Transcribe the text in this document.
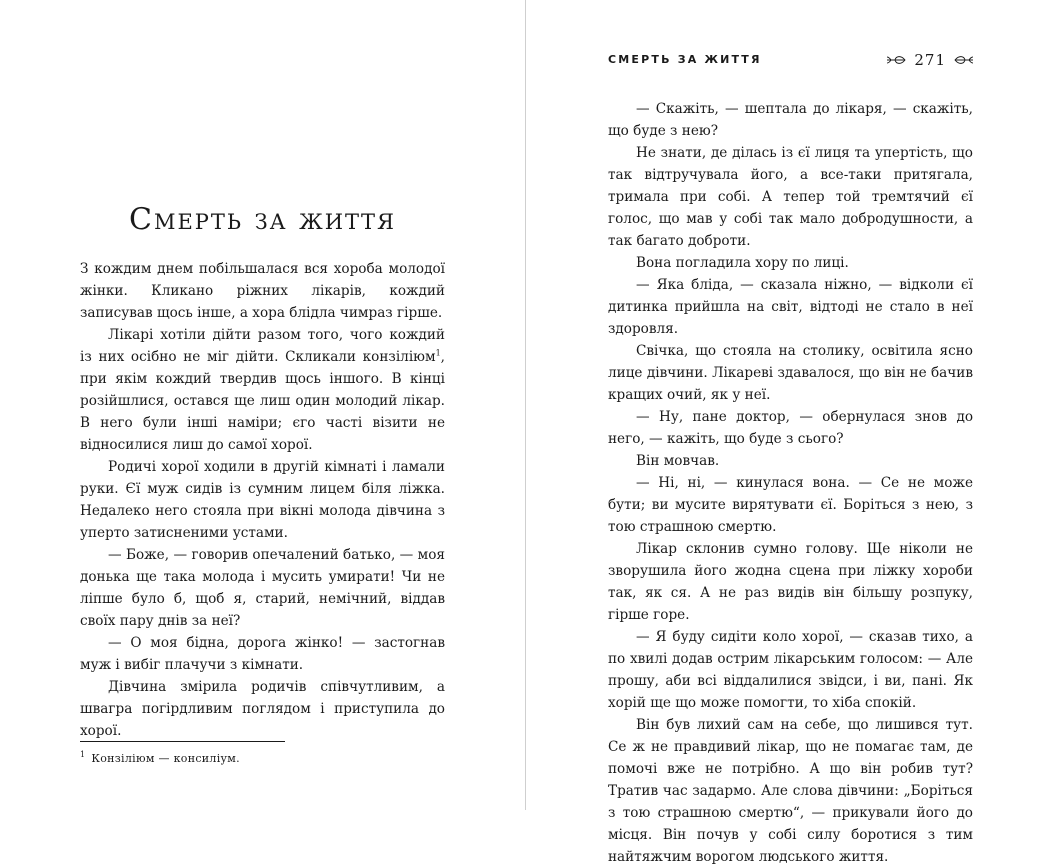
Смерть за життя

З кождим днем побільшалася вся хороба молодої жінки. Кликано ріжних лікарів, кождий записував щось інше, а хора блідла чимраз гірше.

Лікарі хотіли дійти разом того, чого кождий із них осібно не міг дійти. Скликали конзіліюм$^1$, при якім кождий твердив щось іншого. В кінці розійшлися, остався ще лиш один молодий лікар. В него були інші наміри; єго часті візити не відносилися лиш до самої хорої.

Родичі хорої ходили в другій кімнаті і ламали руки. Єї муж сидів із сумним лицем біля ліжка. Недалеко него стояла при вікні молода дівчина з уперто затисненими устами.

— Боже, — говорив опечалений батько, — моя донька ще така молода і мусить умирати! Чи не ліпше було б, щоб я, старий, немічний, віддав своїх пару днів за неї?

— О моя бідна, дорога жінко! — застогнав муж і вибіг плачучи з кімнати.

Дівчина змірила родичів співчутливим, а швагра погірдливим поглядом і приступила до хорої.

$^1$ Конзіліюм — консиліум.
СМЕРТЬ ЗА ЖИТТЯ	271

— Скажіть, — шептала до лікаря, — скажіть, що буде з нею?

Не знати, де ділась із єї лиця та упертість, що так відтручувала його, а все-таки притягала, тримала при собі. А тепер той тремтячий єї голос, що мав у собі так мало добродушности, а так багато доброти.

Вона погладила хору по лиці.

— Яка бліда, — сказала ніжно, — відколи єї дитинка прийшла на світ, відтоді не стало в неї здоровля.

Свічка, що стояла на столику, освітила ясно лице дівчини. Лікареві здавалося, що він не бачив кращих очий, як у неї.

— Ну, пане доктор, — обернулася знов до него, — кажіть, що буде з сього?

Він мовчав.

— Ні, ні, — кинулася вона. — Се не може бути; ви мусите вирятувати єї. Боріться з нею, з тою страшною смертю.

Лікар склонив сумно голову. Ще ніколи не зворушила його жодна сцена при ліжку хороби так, як ся. А не раз видів він більшу розпуку, гірше горе.

— Я буду сидіти коло хорої, — сказав тихо, а по хвилі додав острим лікарським голосом: — Але прошу, аби всі віддалилися звідси, і ви, пані. Як хорій ще що може помогти, то хіба спокій.

Він був лихий сам на себе, що лишився тут. Се ж не правдивий лікар, що не помагає там, де помочі вже не потрібно. А що він робив тут? Тратив час задармо. Але слова дівчини: „Боріться з тою страшною смертю“, — прикували його до місця. Він почув у собі силу боротися з тим найтяжчим ворогом людського життя.
